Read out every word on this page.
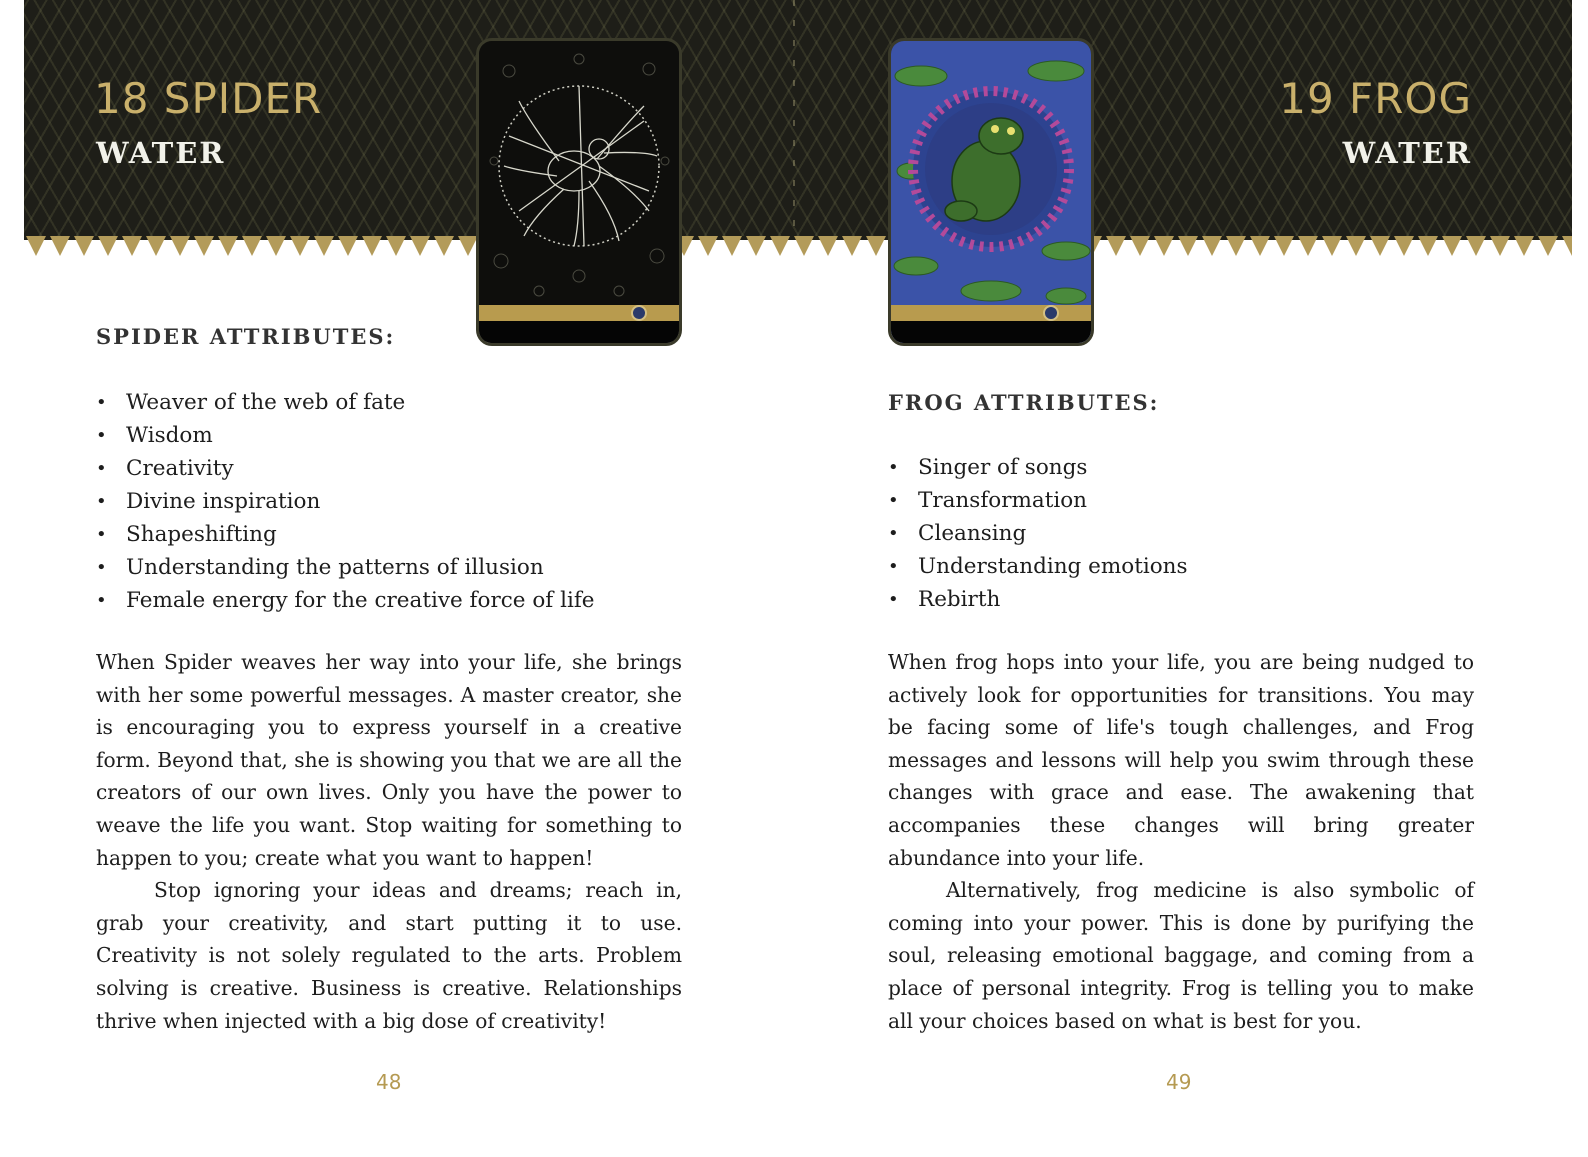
18 SPIDER
WATER
19 FROG
WATER
SPIDER ATTRIBUTES:
• Weaver of the web of fate
• Wisdom
• Creativity
• Divine inspiration
• Shapeshifting
• Understanding the patterns of illusion
• Female energy for the creative force of life

When Spider weaves her way into your life, she brings with her some powerful messages. A master creator, she is encouraging you to express yourself in a creative form. Beyond that, she is showing you that we are all the creators of our own lives. Only you have the power to weave the life you want. Stop waiting for something to happen to you; create what you want to happen!

Stop ignoring your ideas and dreams; reach in, grab your creativity, and start putting it to use. Creativity is not solely regulated to the arts. Problem solving is creative. Business is creative. Relationships thrive when injected with a big dose of creativity!

48
FROG ATTRIBUTES:
• Singer of songs
• Transformation
• Cleansing
• Understanding emotions
• Rebirth

When frog hops into your life, you are being nudged to actively look for opportunities for transitions. You may be facing some of life's tough challenges, and Frog messages and lessons will help you swim through these changes with grace and ease. The awakening that accompanies these changes will bring greater abundance into your life.

Alternatively, frog medicine is also symbolic of coming into your power. This is done by purifying the soul, releasing emotional baggage, and coming from a place of personal integrity. Frog is telling you to make all your choices based on what is best for you.

49
